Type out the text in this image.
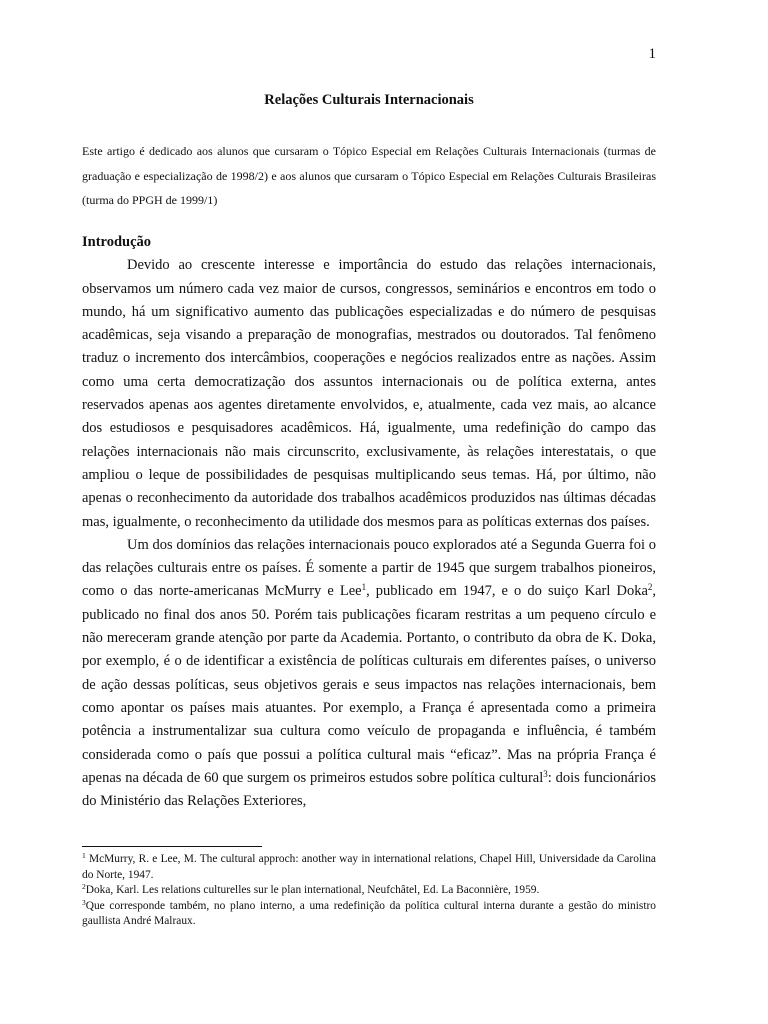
1
Relações Culturais Internacionais
Este artigo é dedicado aos alunos que cursaram o Tópico Especial em Relações Culturais Internacionais (turmas de graduação e especialização de 1998/2) e aos alunos que cursaram o Tópico Especial em Relações Culturais Brasileiras (turma do PPGH de 1999/1)
Introdução
Devido ao crescente interesse e importância do estudo das relações internacionais, observamos um número cada vez maior de cursos, congressos, seminários e encontros em todo o mundo, há um significativo aumento das publicações especializadas e do número de pesquisas acadêmicas, seja visando a preparação de monografias, mestrados ou doutorados. Tal fenômeno traduz o incremento dos intercâmbios, cooperações e negócios realizados entre as nações. Assim como uma certa democratização dos assuntos internacionais ou de política externa, antes reservados apenas aos agentes diretamente envolvidos, e, atualmente, cada vez mais, ao alcance dos estudiosos e pesquisadores acadêmicos. Há, igualmente, uma redefinição do campo das relações internacionais não mais circunscrito, exclusivamente, às relações interestatais, o que ampliou o leque de possibilidades de pesquisas multiplicando seus temas. Há, por último, não apenas o reconhecimento da autoridade dos trabalhos acadêmicos produzidos nas últimas décadas mas, igualmente, o reconhecimento da utilidade dos mesmos para as políticas externas dos países.
Um dos domínios das relações internacionais pouco explorados até a Segunda Guerra foi o das relações culturais entre os países. É somente a partir de 1945 que surgem trabalhos pioneiros, como o das norte-americanas McMurry e Lee$^1$, publicado em 1947, e o do suiço Karl Doka$^2$, publicado no final dos anos 50. Porém tais publicações ficaram restritas a um pequeno círculo e não mereceram grande atenção por parte da Academia. Portanto, o contributo da obra de K. Doka, por exemplo, é o de identificar a existência de políticas culturais em diferentes países, o universo de ação dessas políticas, seus objetivos gerais e seus impactos nas relações internacionais, bem como apontar os países mais atuantes. Por exemplo, a França é apresentada como a primeira potência a instrumentalizar sua cultura como veículo de propaganda e influência, é também considerada como o país que possui a política cultural mais “eficaz”. Mas na própria França é apenas na década de 60 que surgem os primeiros estudos sobre política cultural$^3$: dois funcionários do Ministério das Relações Exteriores,
$^1$ McMurry, R. e Lee, M. The cultural approch: another way in international relations, Chapel Hill, Universidade da Carolina do Norte, 1947.
$^2$Doka, Karl. Les relations culturelles sur le plan international, Neufchâtel, Ed. La Baconnière, 1959.
$^3$Que corresponde também, no plano interno, a uma redefinição da política cultural interna durante a gestão do ministro gaullista André Malraux.
